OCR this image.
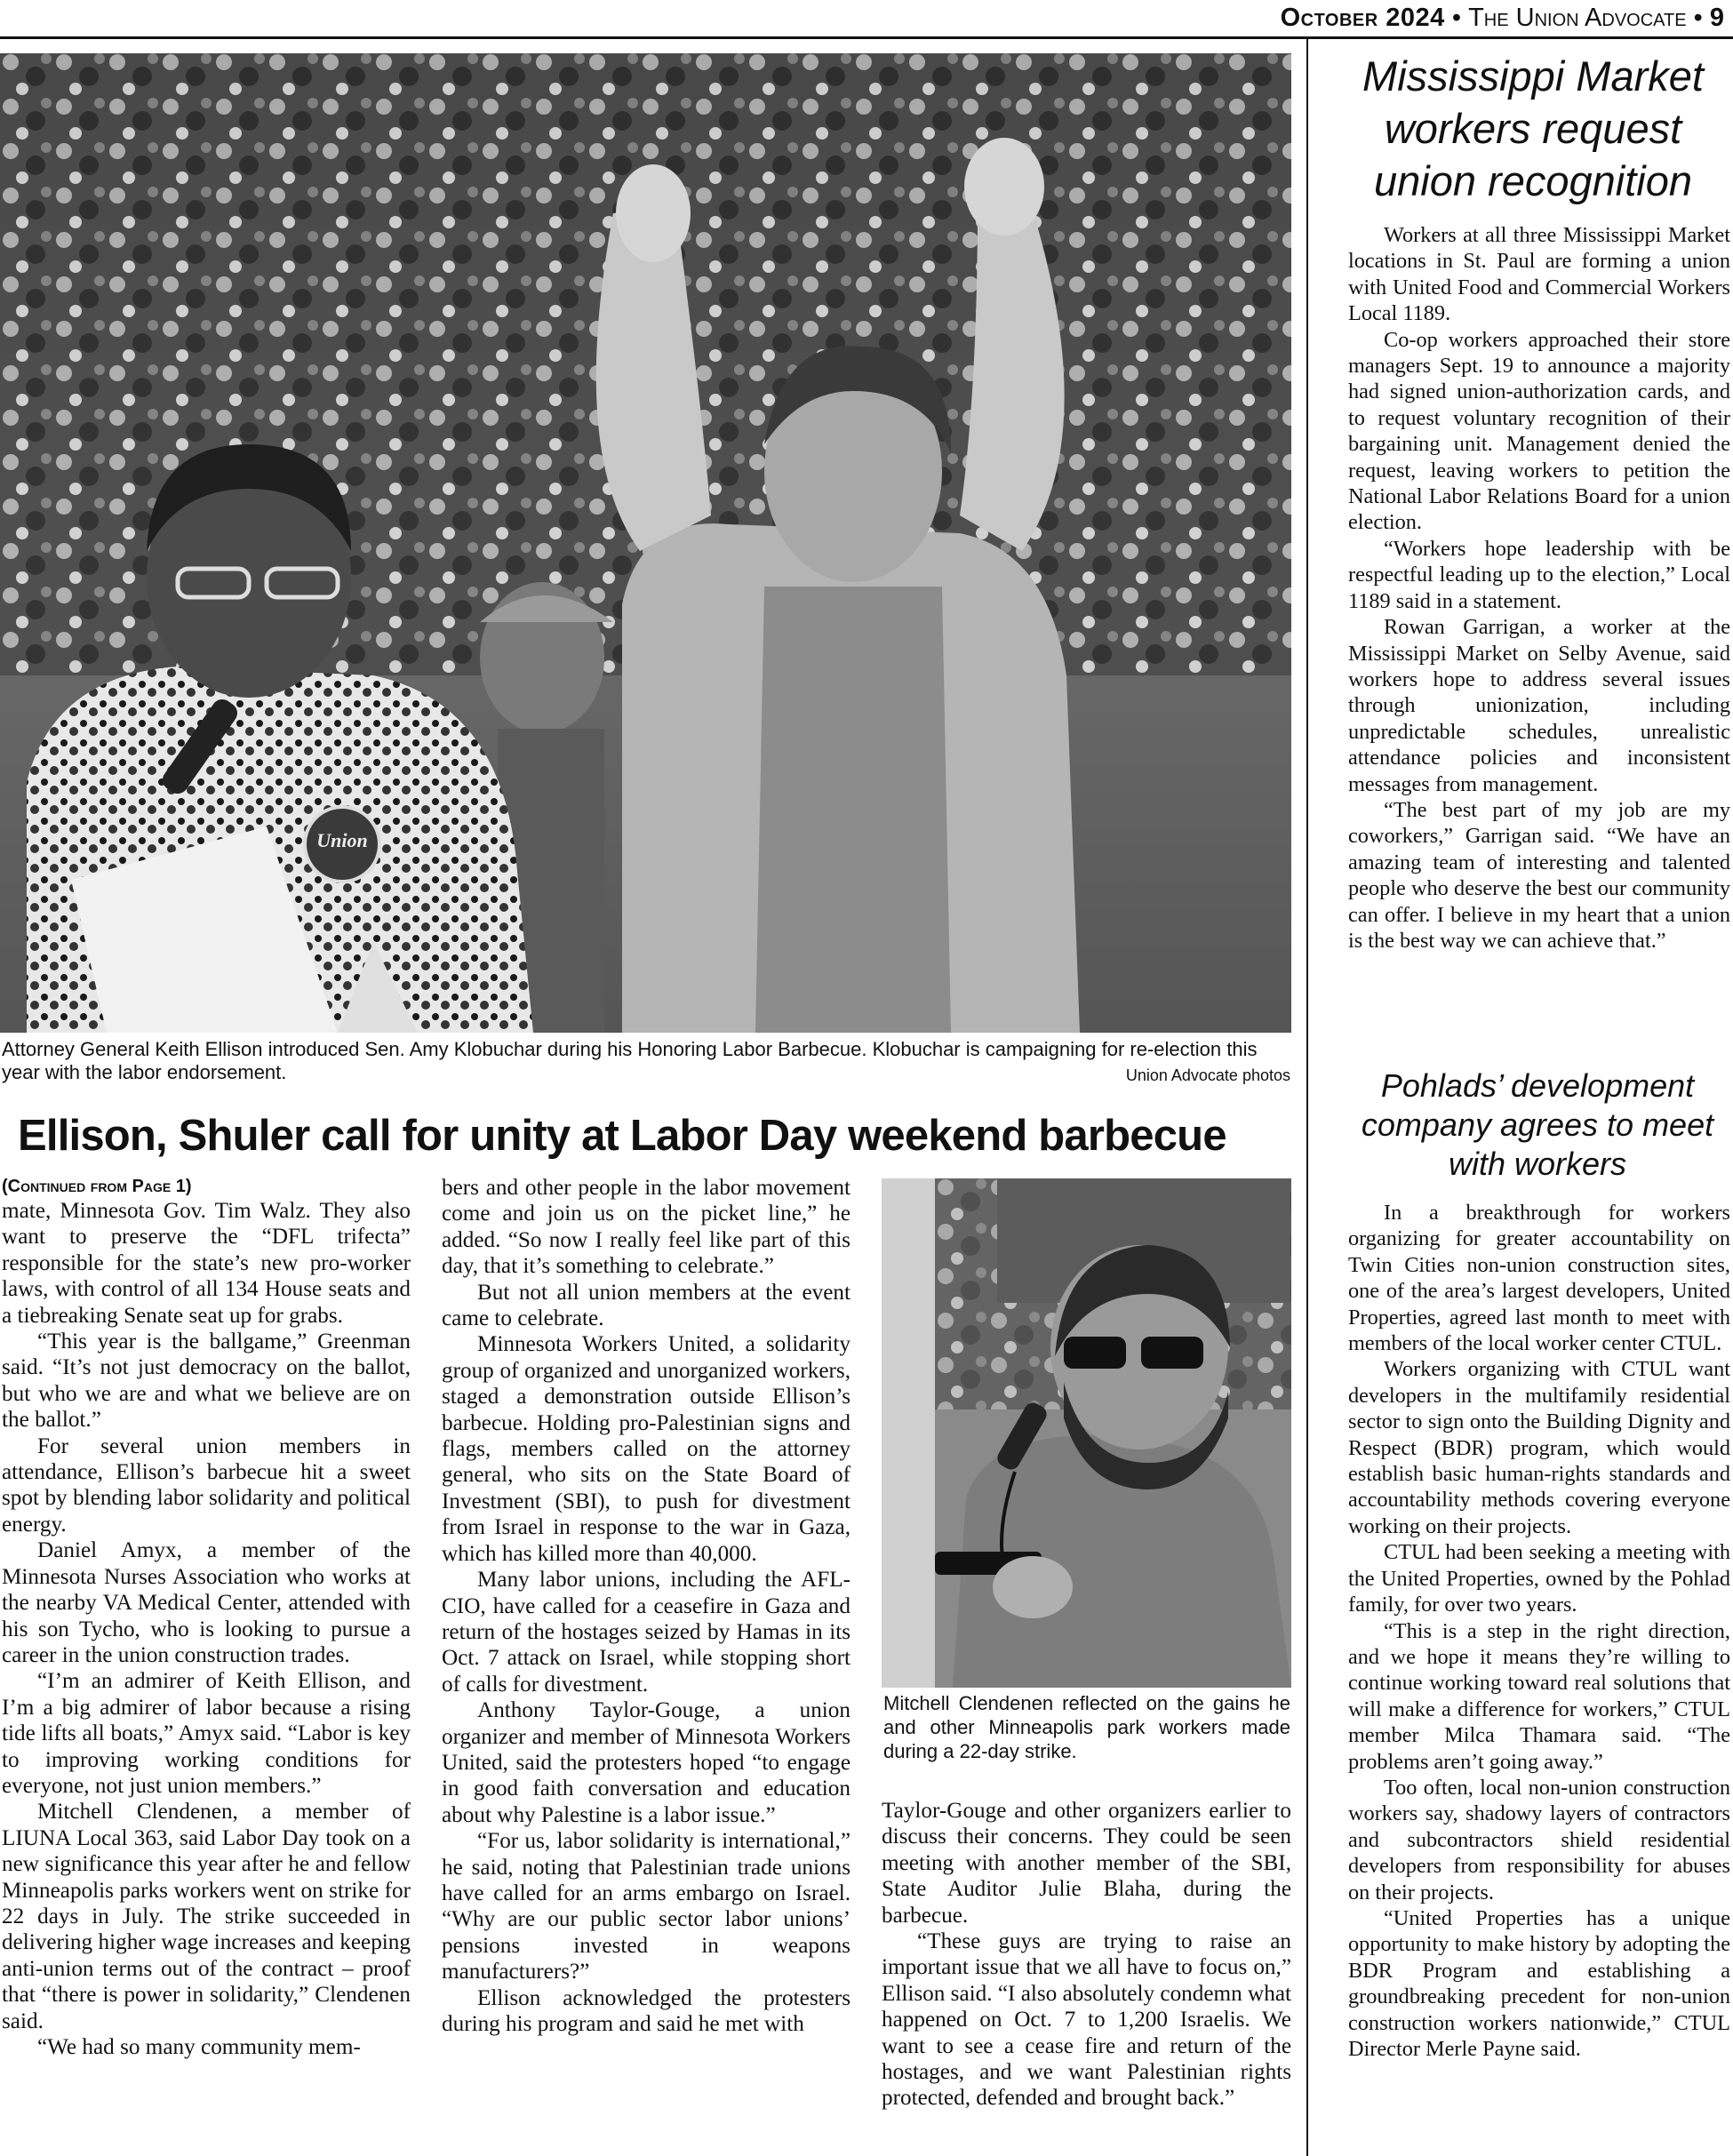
October 2024 • The Union Advocate • 9
Union
Attorney General Keith Ellison introduced Sen. Amy Klobuchar during his Honoring Labor Barbecue. Klobuchar is campaigning for re-election this year with the labor endorsement.	Union Advocate photos
Ellison, Shuler call for unity at Labor Day weekend barbecue
(Continued from Page 1)

mate, Minnesota Gov. Tim Walz. They also want to preserve the “DFL trifecta” responsible for the state’s new pro-worker laws, with control of all 134 House seats and a tiebreaking Senate seat up for grabs.

“This year is the ballgame,” Greenman said. “It’s not just democracy on the ballot, but who we are and what we believe are on the ballot.”

For several union members in attendance, Ellison’s barbecue hit a sweet spot by blending labor solidarity and political energy.

Daniel Amyx, a member of the Minnesota Nurses Association who works at the nearby VA Medical Center, attended with his son Tycho, who is looking to pursue a career in the union construction trades.

“I’m an admirer of Keith Ellison, and I’m a big admirer of labor because a rising tide lifts all boats,” Amyx said. “Labor is key to improving working conditions for everyone, not just union members.”

Mitchell Clendenen, a member of LIUNA Local 363, said Labor Day took on a new significance this year after he and fellow Minneapolis parks workers went on strike for 22 days in July. The strike succeeded in delivering higher wage increases and keeping anti-union terms out of the contract – proof that “there is power in solidarity,” Clendenen said.

“We had so many community mem-

bers and other people in the labor movement come and join us on the picket line,” he added. “So now I really feel like part of this day, that it’s something to celebrate.”

But not all union members at the event came to celebrate.

Minnesota Workers United, a solidarity group of organized and unorganized workers, staged a demonstration outside Ellison’s barbecue. Holding pro-Palestinian signs and flags, members called on the attorney general, who sits on the State Board of Investment (SBI), to push for divestment from Israel in response to the war in Gaza, which has killed more than 40,000.

Many labor unions, including the AFL-CIO, have called for a ceasefire in Gaza and return of the hostages seized by Hamas in its Oct. 7 attack on Israel, while stopping short of calls for divestment.

Anthony Taylor-Gouge, a union organizer and member of Minnesota Workers United, said the protesters hoped “to engage in good faith conversation and education about why Palestine is a labor issue.”

“For us, labor solidarity is international,” he said, noting that Palestinian trade unions have called for an arms embargo on Israel. “Why are our public sector labor unions’ pensions invested in weapons manufacturers?”

Ellison acknowledged the protesters during his program and said he met with

Mitchell Clendenen reflected on the gains he and other Minneapolis park workers made during a 22-day strike.

Taylor-Gouge and other organizers earlier to discuss their concerns. They could be seen meeting with another member of the SBI, State Auditor Julie Blaha, during the barbecue.

“These guys are trying to raise an important issue that we all have to focus on,” Ellison said. “I also absolutely condemn what happened on Oct. 7 to 1,200 Israelis. We want to see a cease fire and return of the hostages, and we want Palestinian rights protected, defended and brought back.”

Mississippi Market workers request union recognition

Workers at all three Mississippi Market locations in St. Paul are forming a union with United Food and Commercial Workers Local 1189.

Co-op workers approached their store managers Sept. 19 to announce a majority had signed union-authorization cards, and to request voluntary recognition of their bargaining unit. Management denied the request, leaving workers to petition the National Labor Relations Board for a union election.

“Workers hope leadership with be respectful leading up to the election,” Local 1189 said in a statement.

Rowan Garrigan, a worker at the Mississippi Market on Selby Avenue, said workers hope to address several issues through unionization, including unpredictable schedules, unrealistic attendance policies and inconsistent messages from management.

“The best part of my job are my coworkers,” Garrigan said. “We have an amazing team of interesting and talented people who deserve the best our community can offer. I believe in my heart that a union is the best way we can achieve that.”

Pohlads’ development company agrees to meet with workers

In a breakthrough for workers organizing for greater accountability on Twin Cities non-union construction sites, one of the area’s largest developers, United Properties, agreed last month to meet with members of the local worker center CTUL.

Workers organizing with CTUL want developers in the multifamily residential sector to sign onto the Building Dignity and Respect (BDR) program, which would establish basic human-rights standards and accountability methods covering everyone working on their projects.

CTUL had been seeking a meeting with the United Properties, owned by the Pohlad family, for over two years.

“This is a step in the right direction, and we hope it means they’re willing to continue working toward real solutions that will make a difference for workers,” CTUL member Milca Thamara said. “The problems aren’t going away.”

Too often, local non-union construction workers say, shadowy layers of contractors and subcontractors shield residential developers from responsibility for abuses on their projects.

“United Properties has a unique opportunity to make history by adopting the BDR Program and establishing a groundbreaking precedent for non-union construction workers nationwide,” CTUL Director Merle Payne said.
